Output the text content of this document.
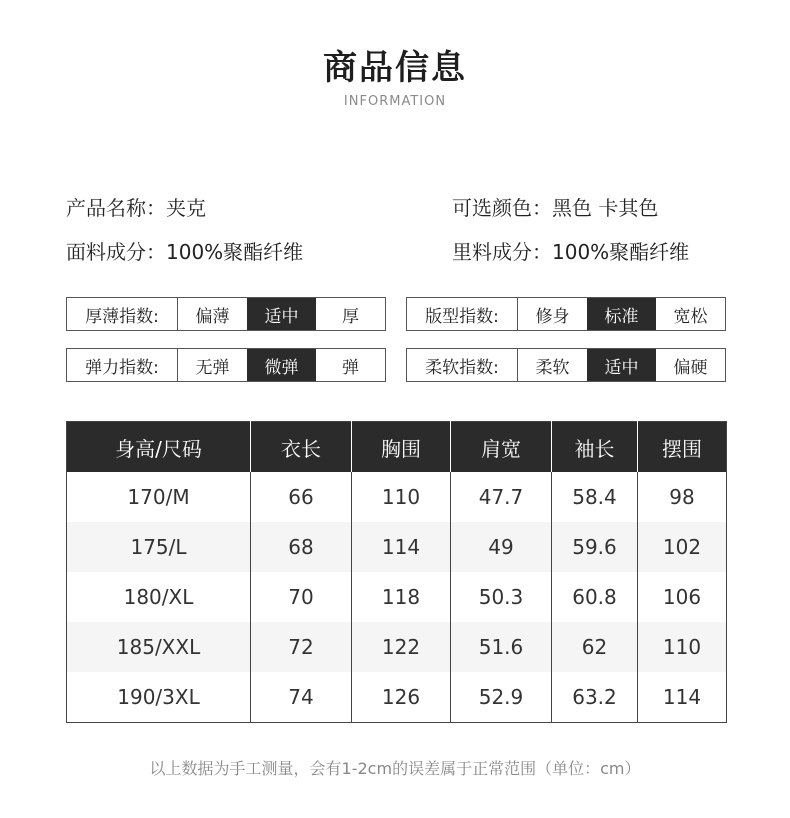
商品信息
INFORMATION
产品名称：夹克	可选颜色：黑色 卡其色
面料成分：100%聚酯纤维	里料成分：100%聚酯纤维
厚薄指数:	偏薄	适中	厚	版型指数:	修身	标准	宽松
弹力指数:	无弹	微弹	弹	柔软指数:	柔软	适中	偏硬
身高/尺码	衣长	胸围	肩宽	袖长	摆围
170/M	66	110	47.7	58.4	98
175/L	68	114	49	59.6	102
180/XL	70	118	50.3	60.8	106
185/XXL	72	122	51.6	62	110
190/3XL	74	126	52.9	63.2	114
以上数据为手工测量，会有1-2cm的误差属于正常范围（单位：cm）
